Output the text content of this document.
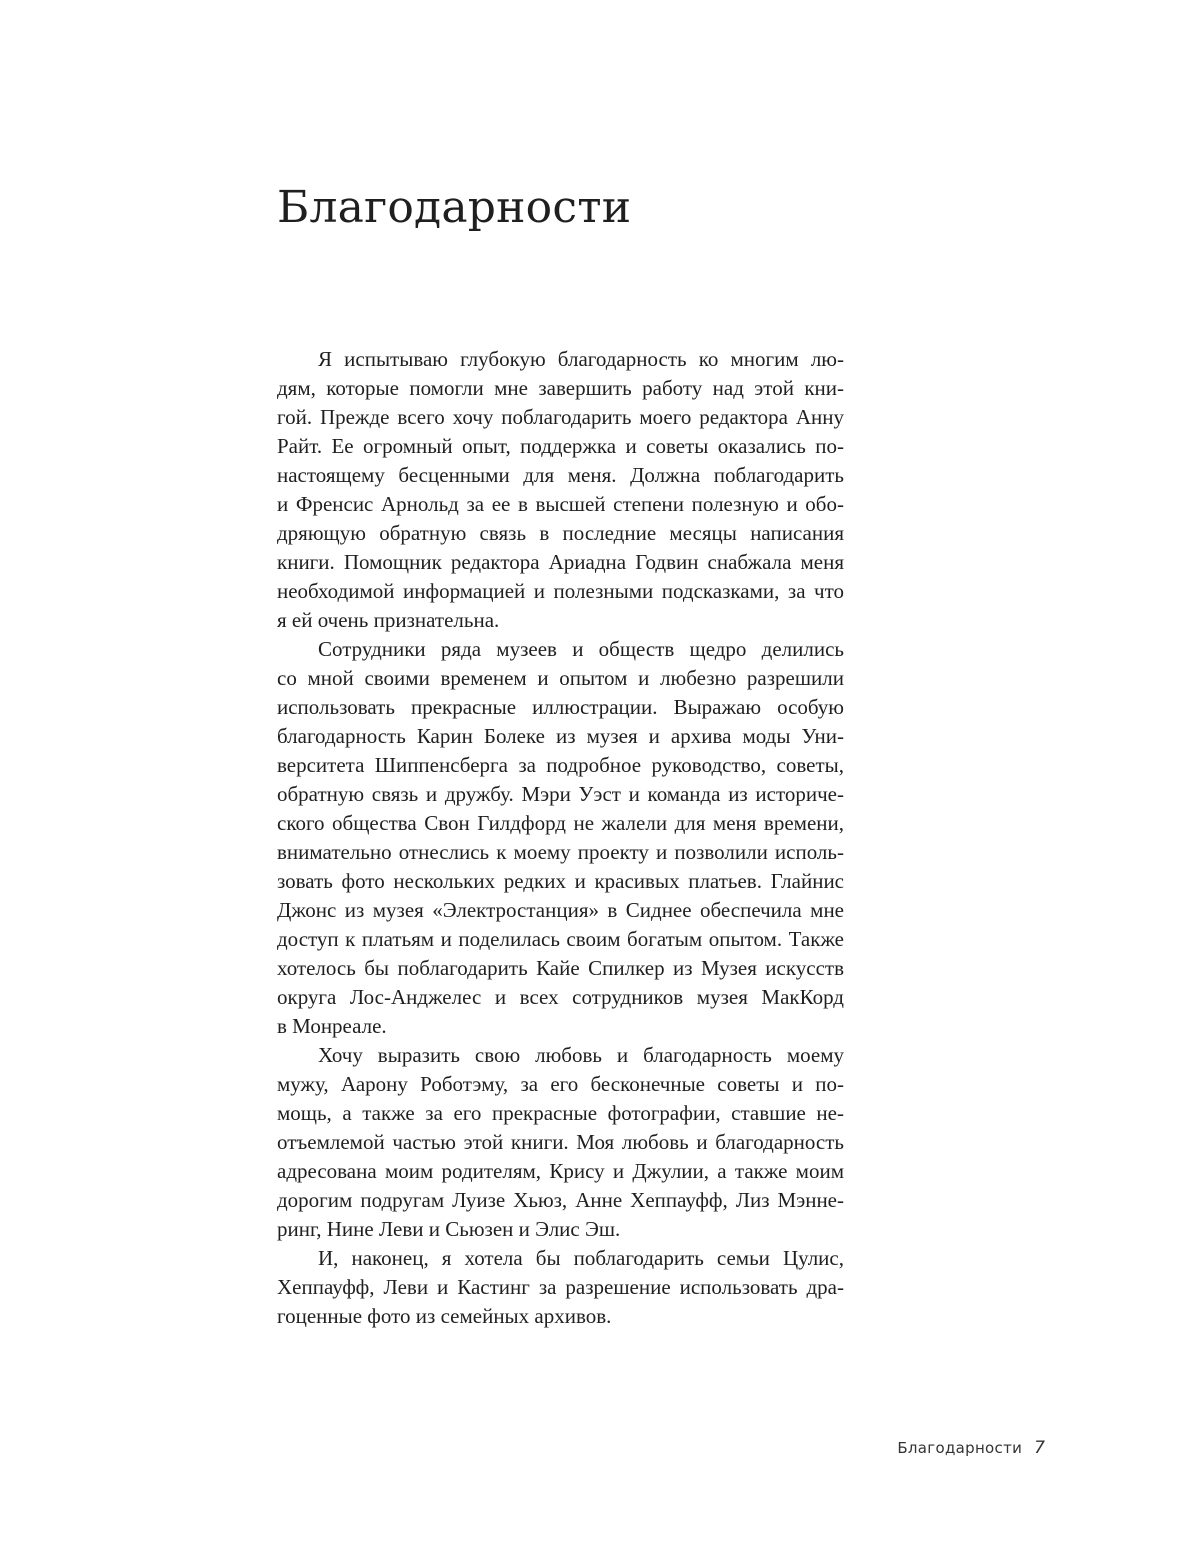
Благодарности

Я испытываю глубокую благодарность ко многим лю-
дям, которые помогли мне завершить работу над этой кни-
гой. Прежде всего хочу поблагодарить моего редактора Анну
Райт. Ее огромный опыт, поддержка и советы оказались по-
настоящему бесценными для меня. Должна поблагодарить
и Френсис Арнольд за ее в высшей степени полезную и обо-
дряющую обратную связь в последние месяцы написания
книги. Помощник редактора Ариадна Годвин снабжала меня
необходимой информацией и полезными подсказками, за что
я ей очень признательна.

Сотрудники ряда музеев и обществ щедро делились
со мной своими временем и опытом и любезно разрешили
использовать прекрасные иллюстрации. Выражаю особую
благодарность Карин Болеке из музея и архива моды Уни-
верситета Шиппенсберга за подробное руководство, советы,
обратную связь и дружбу. Мэри Уэст и команда из историче-
ского общества Свон Гилдфорд не жалели для меня времени,
внимательно отнеслись к моему проекту и позволили исполь-
зовать фото нескольких редких и красивых платьев. Глайнис
Джонс из музея «Электростанция» в Сиднее обеспечила мне
доступ к платьям и поделилась своим богатым опытом. Также
хотелось бы поблагодарить Кайе Спилкер из Музея искусств
округа Лос-Анджелес и всех сотрудников музея МакКорд
в Монреале.

Хочу выразить свою любовь и благодарность моему
мужу, Аарону Роботэму, за его бесконечные советы и по-
мощь, а также за его прекрасные фотографии, ставшие не-
отъемлемой частью этой книги. Моя любовь и благодарность
адресована моим родителям, Крису и Джулии, а также моим
дорогим подругам Луизе Хьюз, Анне Хеппауфф, Лиз Мэнне-
ринг, Нине Леви и Сьюзен и Элис Эш.

И, наконец, я хотела бы поблагодарить семьи Цулис,
Хеппауфф, Леви и Кастинг за разрешение использовать дра-
гоценные фото из семейных архивов.

Благодарности 7
